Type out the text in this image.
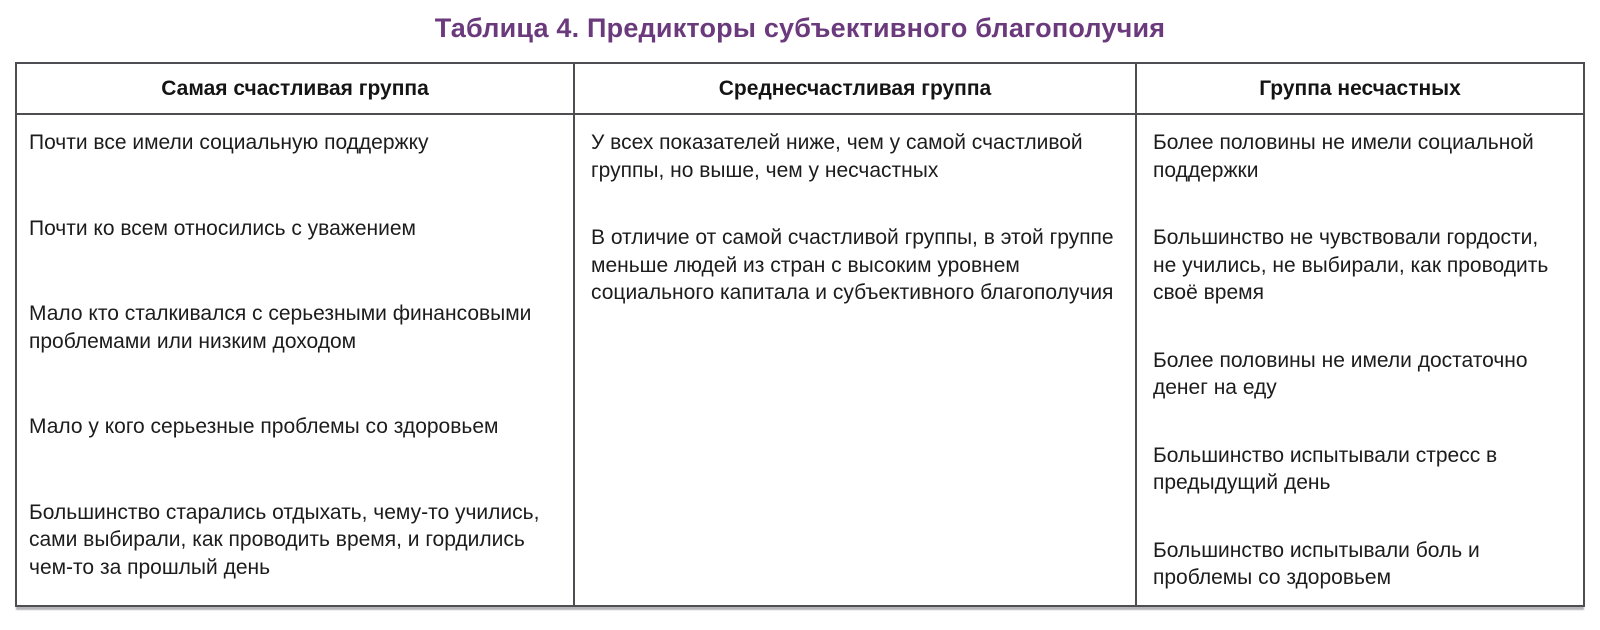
Таблица 4. Предикторы субъективного благополучия
Самая счастливая группа	Среднесчастливая группа	Группа несчастных

Почти все имели социальную поддержку

Почти ко всем относились с уважением

Мало кто сталкивался с серьезными финансовыми проблемами или низким доходом

Мало у кого серьезные проблемы со здоровьем

Большинство старались отдыхать, чему-то учились, сами выбирали, как проводить время, и гордились чем-то за прошлый день

У всех показателей ниже, чем у самой счастливой группы, но выше, чем у несчастных

В отличие от самой счастливой группы, в этой группе меньше людей из стран с высоким уровнем социального капитала и субъективного благополучия

Более половины не имели социальной поддержки

Большинство не чувствовали гордости, не учились, не выбирали, как проводить своё время

Более половины не имели достаточно денег на еду

Большинство испытывали стресс в предыдущий день

Большинство испытывали боль и проблемы со здоровьем
